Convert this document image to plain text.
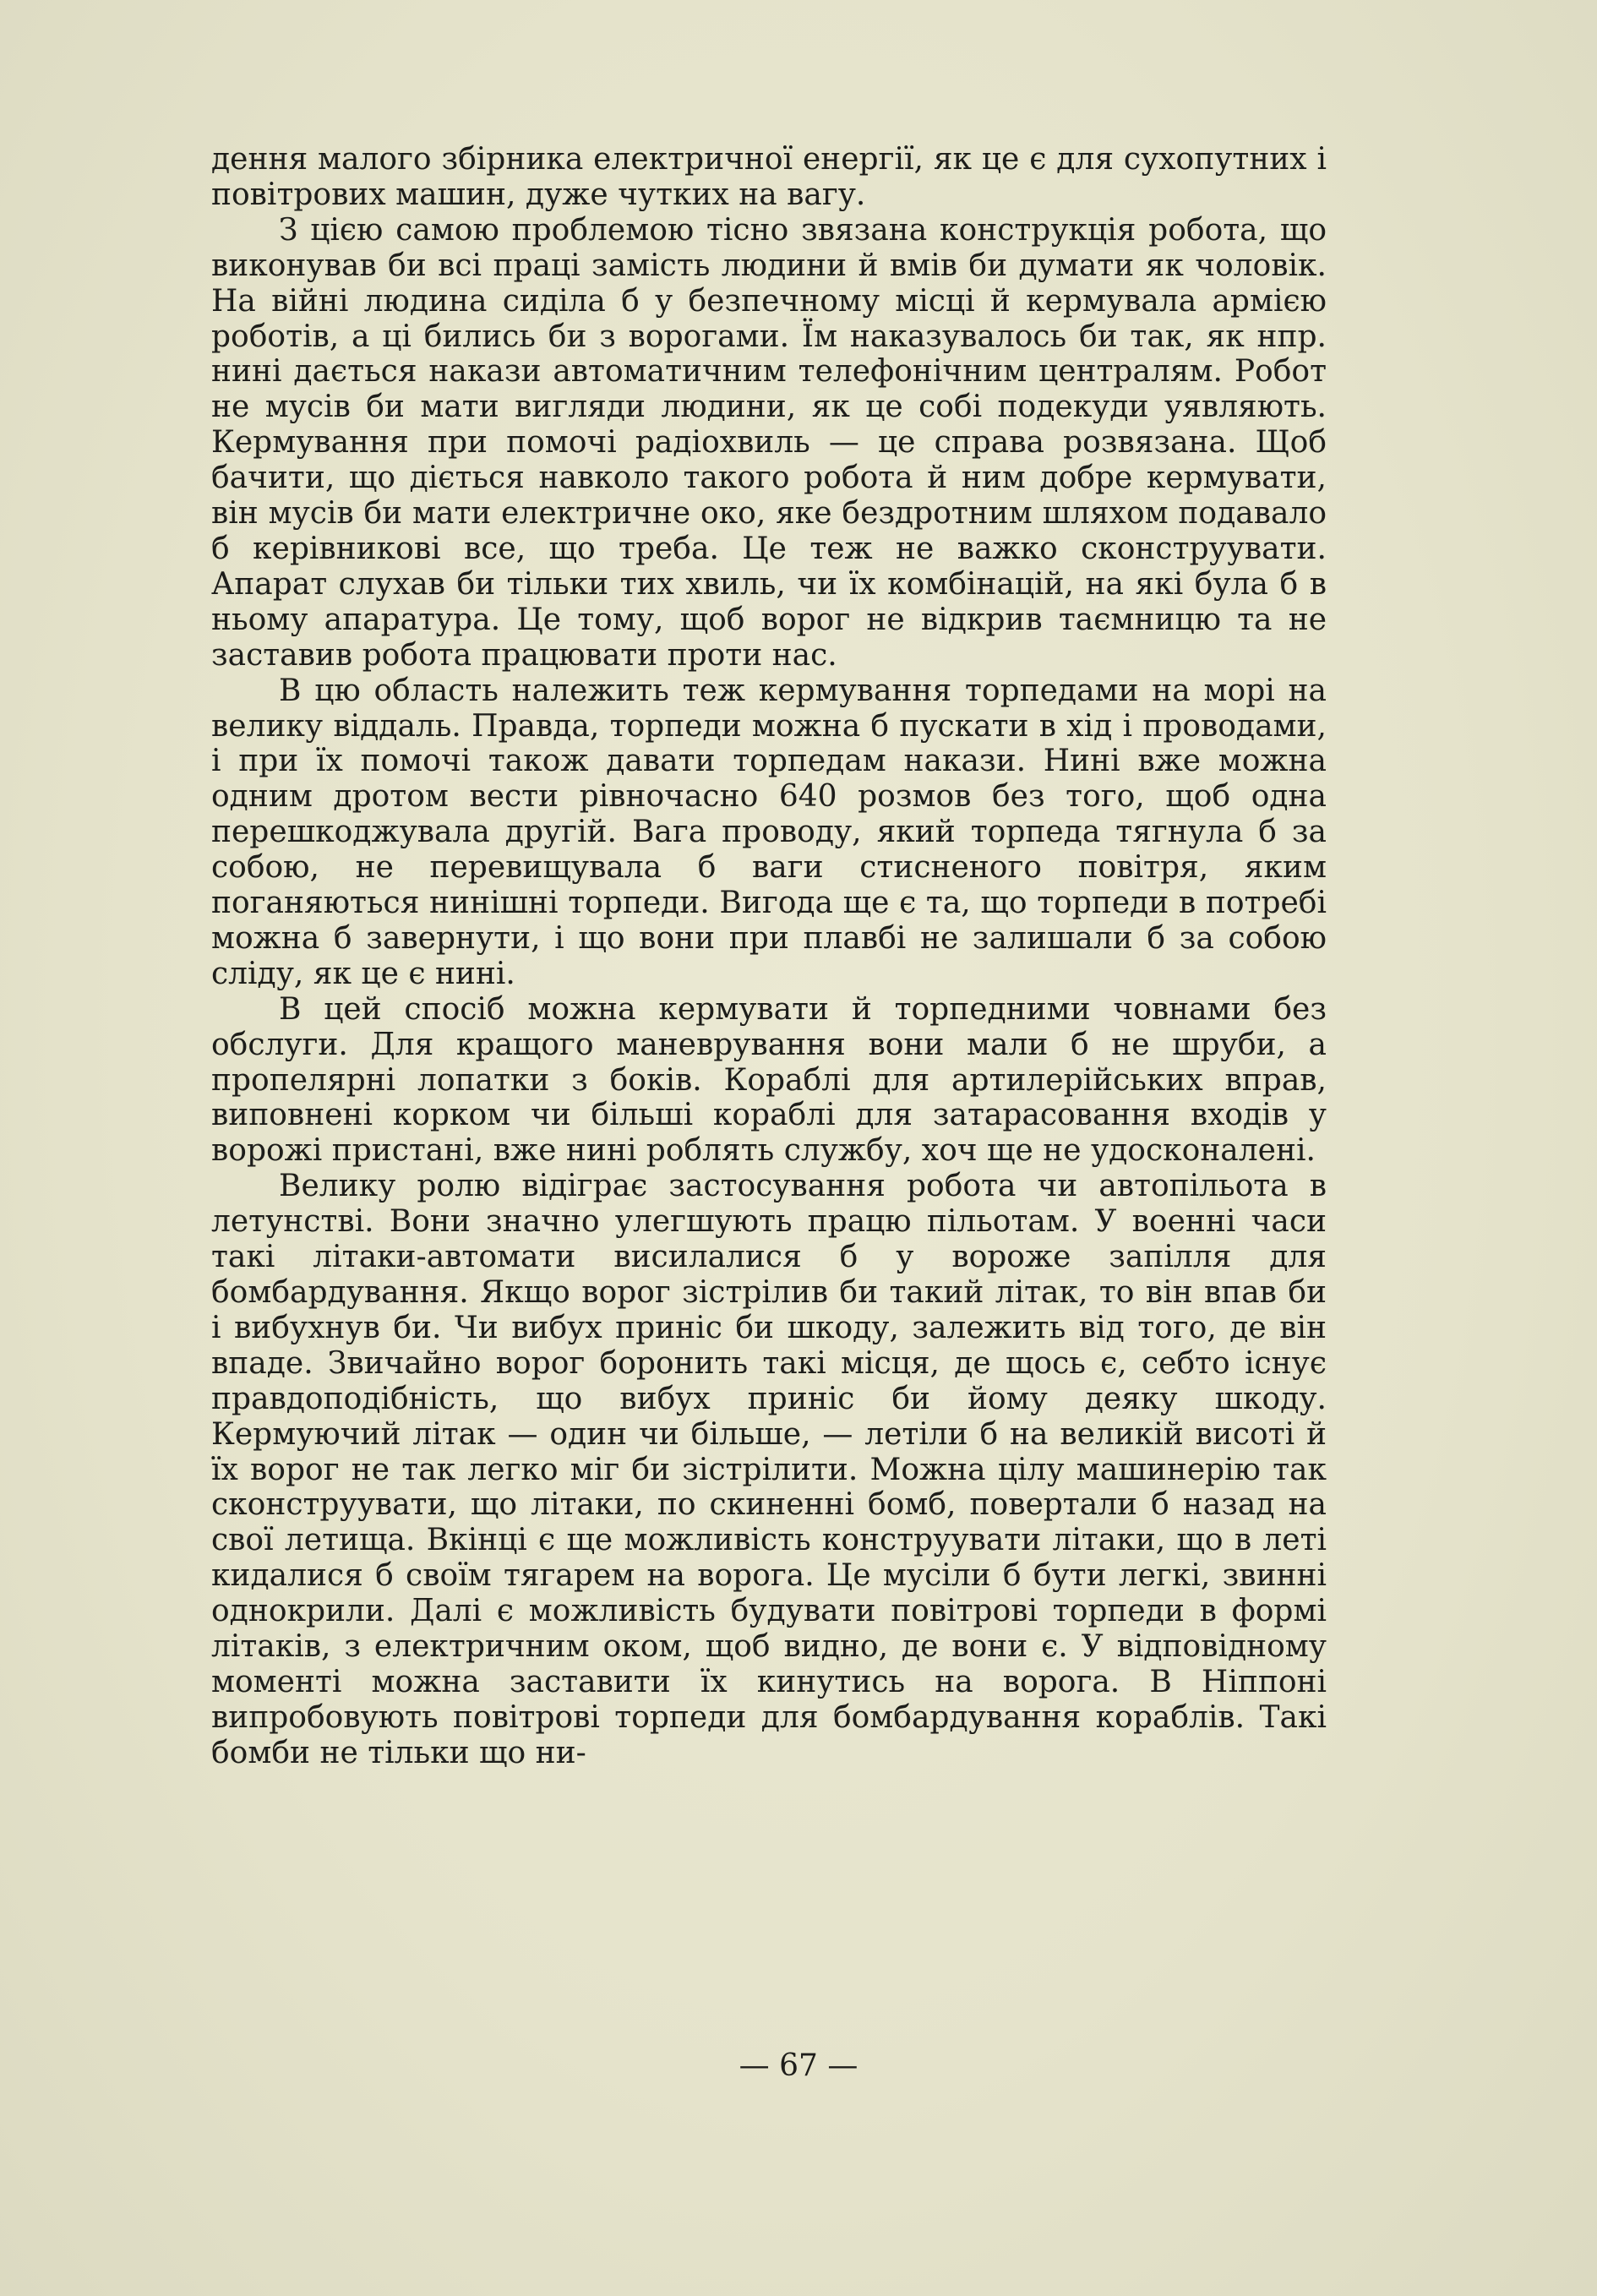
дення малого збірника електричної енергії, як це є для сухопутних і повітрових машин, дуже чутких на вагу.

З цією самою проблемою тісно звязана конструкція робота, що виконував би всі праці замість людини й вмів би думати як чоловік. На війні людина сиділа б у безпечному місці й кермувала армією роботів, а ці бились би з ворогами. Їм наказувалось би так, як нпр. нині дається накази автоматичним телефонічним централям. Робот не мусів би мати вигляди людини, як це собі подекуди уявляють. Кермування при помочі радіохвиль — це справа розвязана. Щоб бачити, що діється навколо такого робота й ним добре кермувати, він мусів би мати електричне око, яке бездротним шляхом подавало б керівникові все, що треба. Це теж не важко сконструувати. Апарат слухав би тільки тих хвиль, чи їх комбінацій, на які була б в ньому апаратура. Це тому, щоб ворог не відкрив таємницю та не заставив робота працювати проти нас.

В цю область належить теж кермування торпедами на морі на велику віддаль. Правда, торпеди можна б пускати в хід і проводами, і при їх помочі також давати торпедам накази. Нині вже можна одним дротом вести рівночасно 640 розмов без того, щоб одна перешкоджувала другій. Вага проводу, який торпеда тягнула б за собою, не перевищувала б ваги стисненого повітря, яким поганяються нинішні торпеди. Вигода ще є та, що торпеди в потребі можна б завернути, і що вони при плавбі не залишали б за собою сліду, як це є нині.

В цей спосіб можна кермувати й торпедними човнами без обслуги. Для кращого маневрування вони мали б не шруби, а пропелярні лопатки з боків. Кораблі для артилерійських вправ, виповнені корком чи більші кораблі для затарасовання входів у ворожі пристані, вже нині роблять службу, хоч ще не удосконалені.

Велику ролю відіграє застосування робота чи автопільота в летунстві. Вони значно улегшують працю пільотам. У военні часи такі літаки-автомати висилалися б у вороже запілля для бомбардування. Якщо ворог зістрілив би такий літак, то він впав би і вибухнув би. Чи вибух приніс би шкоду, залежить від того, де він впаде. Звичайно ворог боронить такі місця, де щось є, себто існує правдоподібність, що вибух приніс би йому деяку шкоду. Кермуючий літак — один чи більше, — летіли б на великій висоті й їх ворог не так легко міг би зістрілити. Можна цілу машинерію так сконструувати, що літаки, по скиненні бомб, повертали б назад на свої летища. Вкінці є ще можливість конструувати літаки, що в леті кидалися б своїм тягарем на ворога. Це мусіли б бути легкі, звинні однокрили. Далі є можливість будувати повітрові торпеди в формі літаків, з електричним оком, щоб видно, де вони є. У відповідному моменті можна заставити їх кинутись на ворога. В Ніппоні випробовують повітрові торпеди для бомбардування кораблів. Такі бомби не тільки що ни-

— 67 —
